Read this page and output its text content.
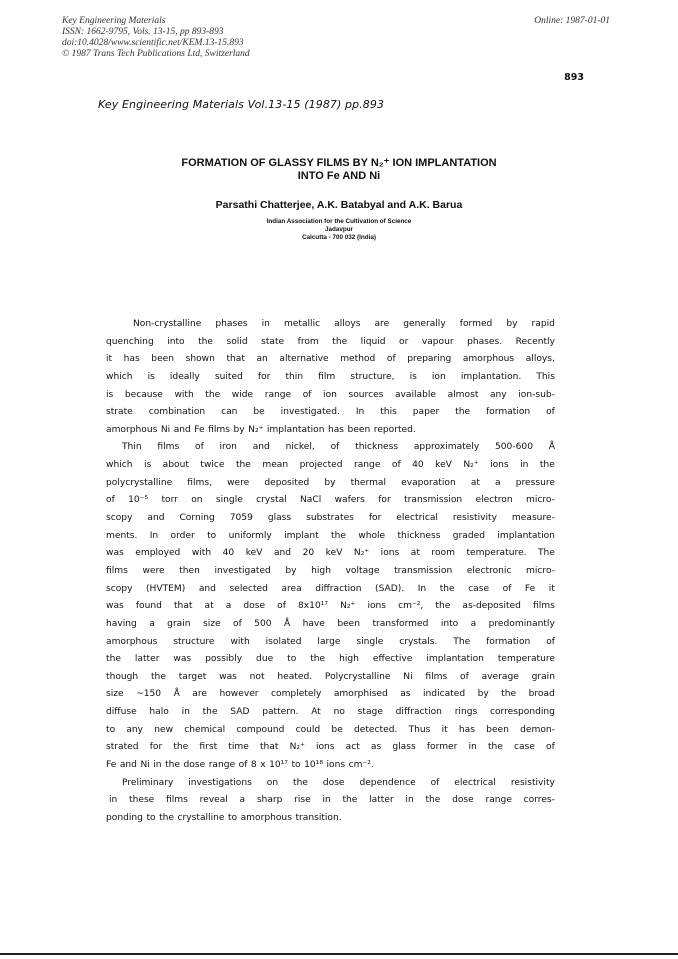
Key Engineering Materials
ISSN: 1662-9795, Vols. 13-15, pp 893-893
doi:10.4028/www.scientific.net/KEM.13-15.893
© 1987 Trans Tech Publications Ltd, Switzerland
Online: 1987-01-01
893
Key Engineering Materials Vol.13-15 (1987) pp.893
FORMATION OF GLASSY FILMS BY N₂⁺ ION IMPLANTATION
INTO Fe AND Ni
Parsathi Chatterjee, A.K. Batabyal and A.K. Barua
Indian Association for the Cultivation of Science
Jadavpur
Calcutta - 700 032 (India)
Non-crystalline phases in metallic alloys are generally formed by rapid
quenching into the solid state from the liquid or vapour phases. Recently
it has been shown that an alternative method of preparing amorphous alloys,
which is ideally suited for thin film structure, is ion implantation. This
is because with the wide range of ion sources available almost any ion-sub-
strate combination can be investigated. In this paper the formation of
amorphous Ni and Fe films by N₂⁺ implantation has been reported.
Thin films of iron and nickel, of thickness approximately 500-600 Å
which is about twice the mean projected range of 40 keV N₂⁺ ions in the
polycrystalline films, were deposited by thermal evaporation at a pressure
of 10⁻⁵ torr on single crystal NaCl wafers for transmission electron micro-
scopy and Corning 7059 glass substrates for electrical resistivity measure-
ments. In order to uniformly implant the whole thickness graded implantation
was employed with 40 keV and 20 keV N₂⁺ ions at room temperature. The
films were then investigated by high voltage transmission electronic micro-
scopy (HVTEM) and selected area diffraction (SAD). In the case of Fe it
was found that at a dose of 8x10¹⁷ N₂⁺ ions cm⁻², the as-deposited films
having a grain size of 500 Å have been transformed into a predominantly
amorphous structure with isolated large single crystals. The formation of
the latter was possibly due to the high effective implantation temperature
though the target was not heated. Polycrystalline Ni films of average grain
size ~150 Å are however completely amorphised as indicated by the broad
diffuse halo in the SAD pattern. At no stage diffraction rings corresponding
to any new chemical compound could be detected. Thus it has been demon-
strated for the first time that N₂⁺ ions act as glass former in the case of
Fe and Ni in the dose range of 8 x 10¹⁷ to 10¹⁸ ions cm⁻².
Preliminary investigations on the dose dependence of electrical resistivity
in these films reveal a sharp rise in the latter in the dose range corres-
ponding to the crystalline to amorphous transition.
